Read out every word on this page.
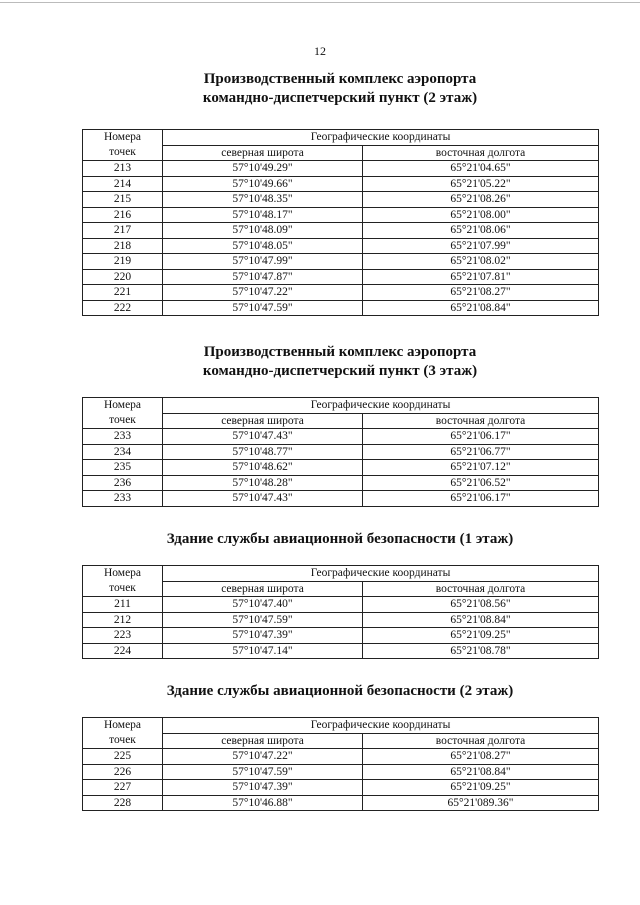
12
Производственный комплекс аэропорта
командно-диспетчерский пункт (2 этаж)
Номера
точек	Географические координаты	
	северная широта	восточная долгота
213	57°10'49.29"	65°21'04.65"
214	57°10'49.66"	65°21'05.22"
215	57°10'48.35"	65°21'08.26"
216	57°10'48.17"	65°21'08.00"
217	57°10'48.09"	65°21'08.06"
218	57°10'48.05"	65°21'07.99"
219	57°10'47.99"	65°21'08.02"
220	57°10'47.87"	65°21'07.81"
221	57°10'47.22"	65°21'08.27"
222	57°10'47.59"	65°21'08.84"
Производственный комплекс аэропорта
командно-диспетчерский пункт (3 этаж)
Номера
точек	Географические координаты	
	северная широта	восточная долгота
233	57°10'47.43"	65°21'06.17"
234	57°10'48.77"	65°21'06.77"
235	57°10'48.62"	65°21'07.12"
236	57°10'48.28"	65°21'06.52"
233	57°10'47.43"	65°21'06.17"
Здание службы авиационной безопасности (1 этаж)
Номера
точек	Географические координаты	
	северная широта	восточная долгота
211	57°10'47.40"	65°21'08.56"
212	57°10'47.59"	65°21'08.84"
223	57°10'47.39"	65°21'09.25"
224	57°10'47.14"	65°21'08.78"
Здание службы авиационной безопасности (2 этаж)
Номера
точек	Географические координаты	
	северная широта	восточная долгота
225	57°10'47.22"	65°21'08.27"
226	57°10'47.59"	65°21'08.84"
227	57°10'47.39"	65°21'09.25"
228	57°10'46.88"	65°21'089.36"
